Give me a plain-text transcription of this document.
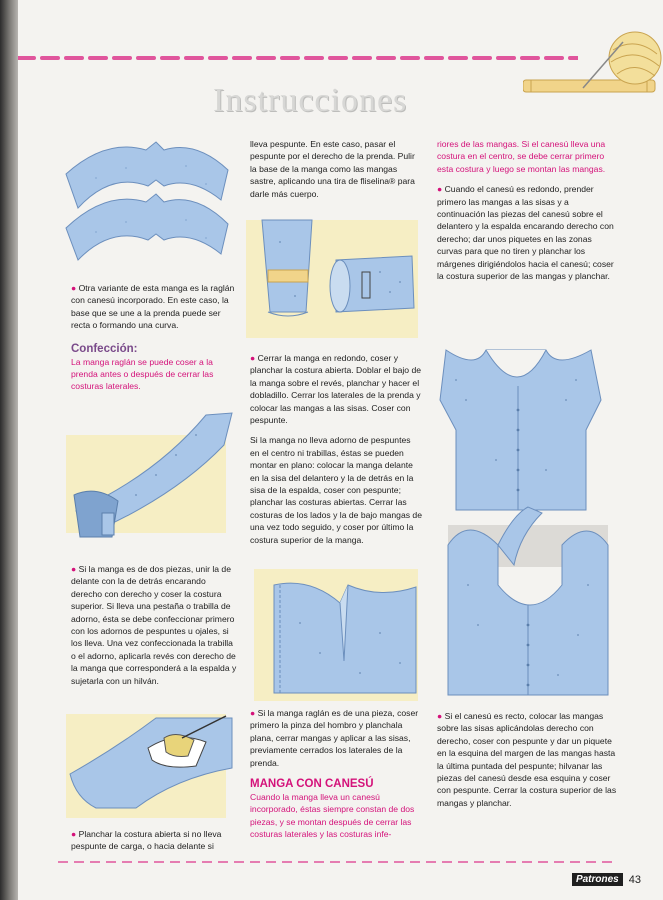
Instrucciones

● Otra variante de esta manga es la raglán con canesú incorporado. En este caso, la base que se une a la prenda puede ser recta o formando una curva.

Confección:

La manga raglán se puede coser a la prenda antes o después de cerrar las costuras laterales.

● Si la manga es de dos piezas, unir la de delante con la de detrás encarando derecho con derecho y coser la costura superior. Si lleva una pestaña o trabilla de adorno, ésta se debe confeccionar primero con los adornos de pespuntes u ojales, si los lleva. Una vez confeccionada la trabilla o el adorno, aplicarla revés con derecho de la manga que corresponderá a la espalda y sujetarla con un hilván.

● Planchar la costura abierta si no lleva pespunte de carga, o hacia delante si

lleva pespunte. En este caso, pasar el pespunte por el derecho de la prenda. Pulir la base de la manga como las mangas sastre, aplicando una tira de fliselina® para darle más cuerpo.

● Cerrar la manga en redondo, coser y planchar la costura abierta. Doblar el bajo de la manga sobre el revés, planchar y hacer el dobladillo. Cerrar los laterales de la prenda y colocar las mangas a las sisas. Coser con pespunte.

Si la manga no lleva adorno de pespuntes en el centro ni trabillas, éstas se pueden montar en plano: colocar la manga delante en la sisa del delantero y la de detrás en la sisa de la espalda, coser con pespunte; planchar las costuras abiertas. Cerrar las costuras de los lados y la de bajo mangas de una vez todo seguido, y coser por último la costura superior de la manga.

● Si la manga raglán es de una pieza, coser primero la pinza del hombro y planchala plana, cerrar mangas y aplicar a las sisas, previamente cerrados los laterales de la prenda.

MANGA CON CANESÚ

Cuando la manga lleva un canesú incorporado, éstas siempre constan de dos piezas, y se montan después de cerrar las costuras laterales y las costuras infe-

riores de las mangas. Si el canesú lleva una costura en el centro, se debe cerrar primero esta costura y luego se montan las mangas.

● Cuando el canesú es redondo, prender primero las mangas a las sisas y a continuación las piezas del canesú sobre el delantero y la espalda encarando derecho con derecho; dar unos piquetes en las zonas curvas para que no tiren y planchar los márgenes dirigiéndolos hacia el canesú; coser la costura superior de las mangas y planchar.

● Si el canesú es recto, colocar las mangas sobre las sisas aplicándolas derecho con derecho, coser con pespunte y dar un piquete en la esquina del margen de las mangas hasta la última puntada del pespunte; hilvanar las piezas del canesú desde esa esquina y coser con pespunte. Cerrar la costura superior de las mangas y planchar.

Patrones 43
